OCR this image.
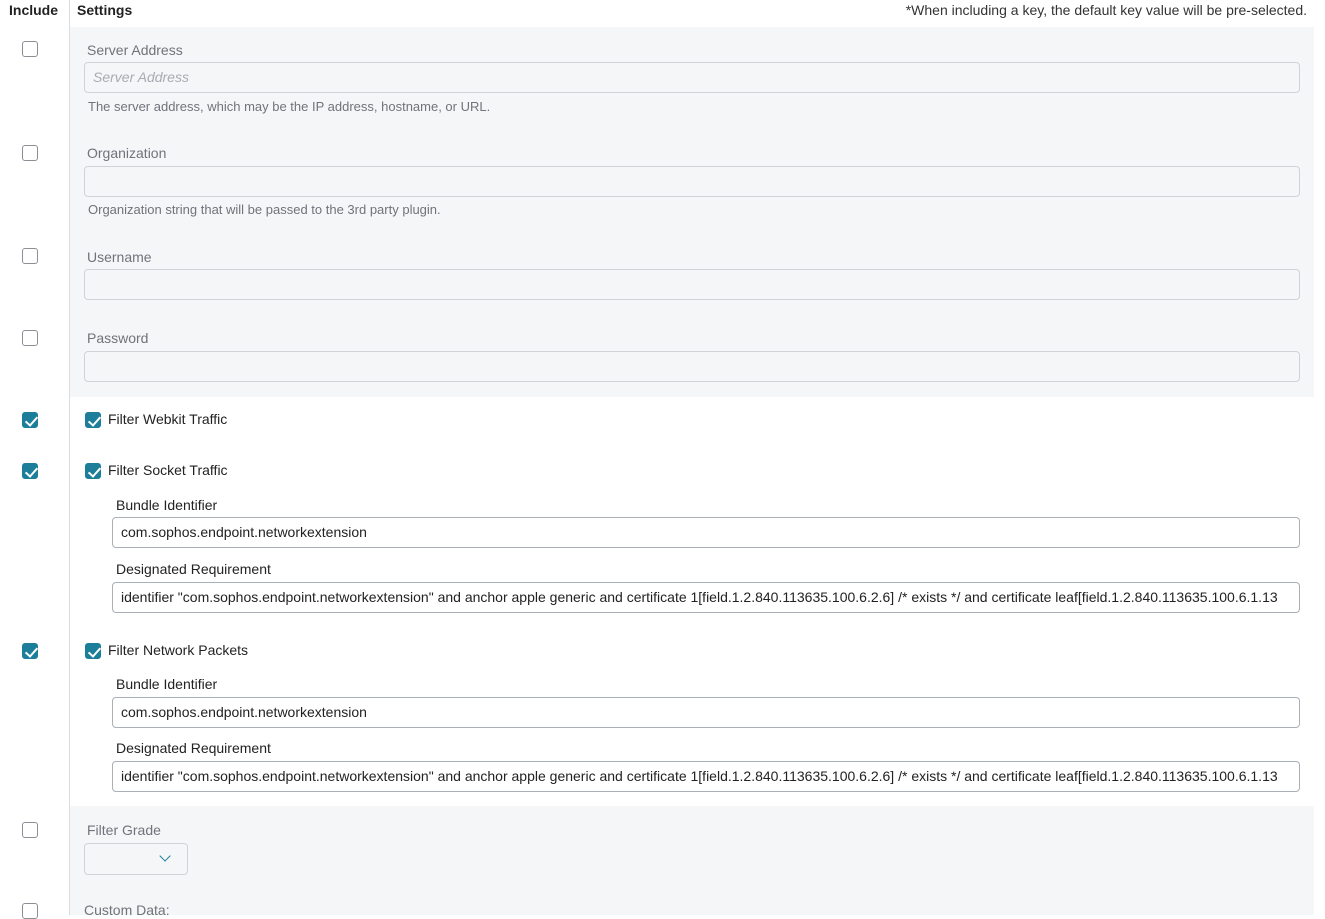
Include Settings	*When including a key, the default key value will be pre-selected.
Server Address
Server Address
The server address, which may be the IP address, hostname, or URL.
Organization
Organization string that will be passed to the 3rd party plugin.
Username
Password
Filter Webkit Traffic
Filter Socket Traffic
Bundle Identifier
com.sophos.endpoint.networkextension
Designated Requirement
identifier "com.sophos.endpoint.networkextension" and anchor apple generic and certificate 1[field.1.2.840.113635.100.6.2.6] /* exists */ and certificate leaf[field.1.2.840.113635.100.6.1.13
Filter Network Packets
Bundle Identifier
com.sophos.endpoint.networkextension
Designated Requirement
identifier "com.sophos.endpoint.networkextension" and anchor apple generic and certificate 1[field.1.2.840.113635.100.6.2.6] /* exists */ and certificate leaf[field.1.2.840.113635.100.6.1.13
Filter Grade
Custom Data:
